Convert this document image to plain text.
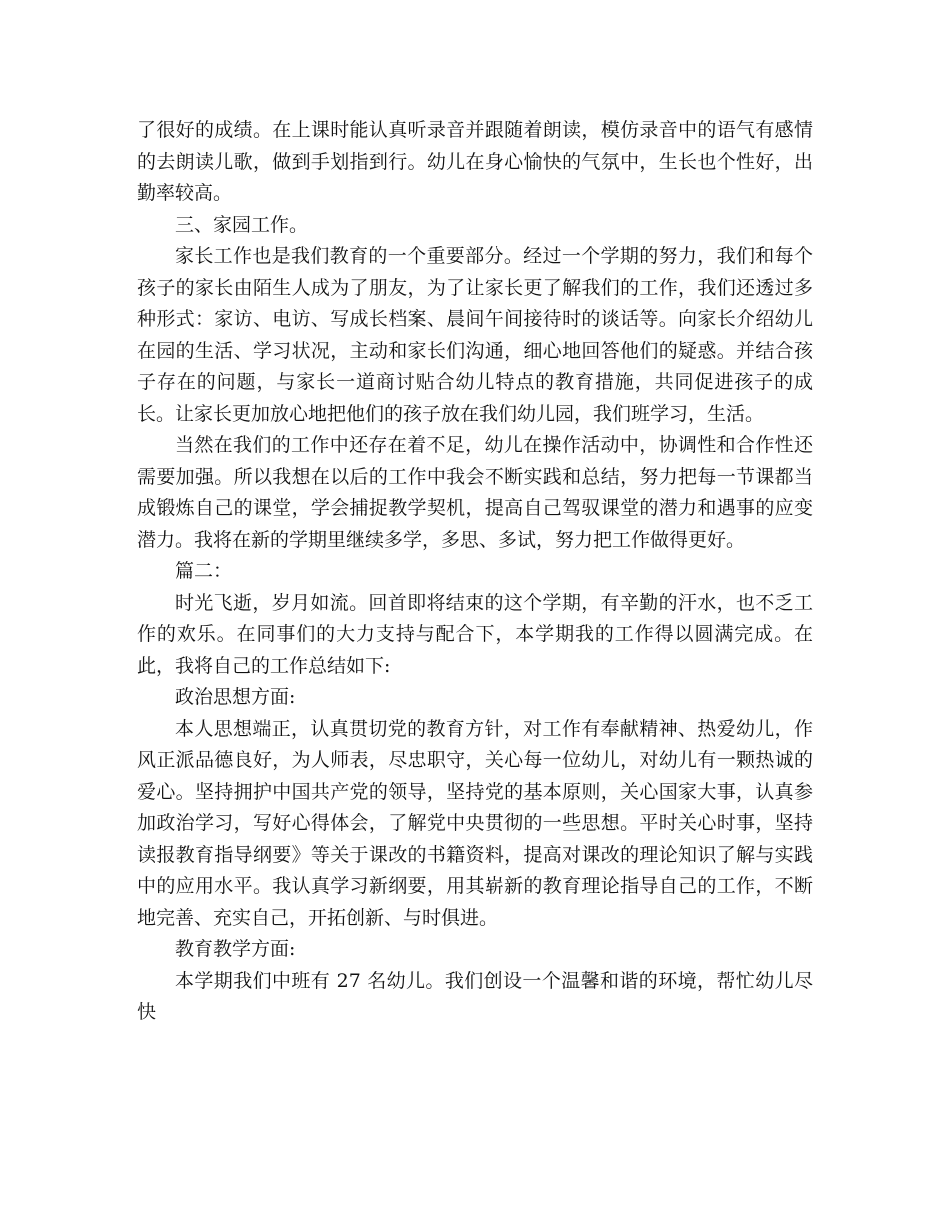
了很好的成绩。在上课时能认真听录音并跟随着朗读，模仿录音中的语气有感情的去朗读儿歌，做到手划指到行。幼儿在身心愉快的气氛中，生长也个性好，出勤率较高。

三、家园工作。

家长工作也是我们教育的一个重要部分。经过一个学期的努力，我们和每个孩子的家长由陌生人成为了朋友，为了让家长更了解我们的工作，我们还透过多种形式：家访、电访、写成长档案、晨间午间接待时的谈话等。向家长介绍幼儿在园的生活、学习状况，主动和家长们沟通，细心地回答他们的疑惑。并结合孩子存在的问题，与家长一道商讨贴合幼儿特点的教育措施，共同促进孩子的成长。让家长更加放心地把他们的孩子放在我们幼儿园，我们班学习，生活。

当然在我们的工作中还存在着不足，幼儿在操作活动中，协调性和合作性还需要加强。所以我想在以后的工作中我会不断实践和总结，努力把每一节课都当成锻炼自己的课堂，学会捕捉教学契机，提高自己驾驭课堂的潜力和遇事的应变潜力。我将在新的学期里继续多学，多思、多试，努力把工作做得更好。

篇二：

时光飞逝，岁月如流。回首即将结束的这个学期，有辛勤的汗水，也不乏工作的欢乐。在同事们的大力支持与配合下，本学期我的工作得以圆满完成。在此，我将自己的工作总结如下:

政治思想方面:

本人思想端正，认真贯切党的教育方针，对工作有奉献精神、热爱幼儿，作风正派品德良好，为人师表，尽忠职守，关心每一位幼儿，对幼儿有一颗热诚的爱心。坚持拥护中国共产党的领导，坚持党的基本原则，关心国家大事，认真参加政治学习，写好心得体会，了解党中央贯彻的一些思想。平时关心时事，坚持读报教育指导纲要》等关于课改的书籍资料，提高对课改的理论知识了解与实践中的应用水平。我认真学习新纲要，用其崭新的教育理论指导自己的工作，不断地完善、充实自己，开拓创新、与时俱进。

教育教学方面:

本学期我们中班有 27 名幼儿。我们创设一个温馨和谐的环境，帮忙幼儿尽快
